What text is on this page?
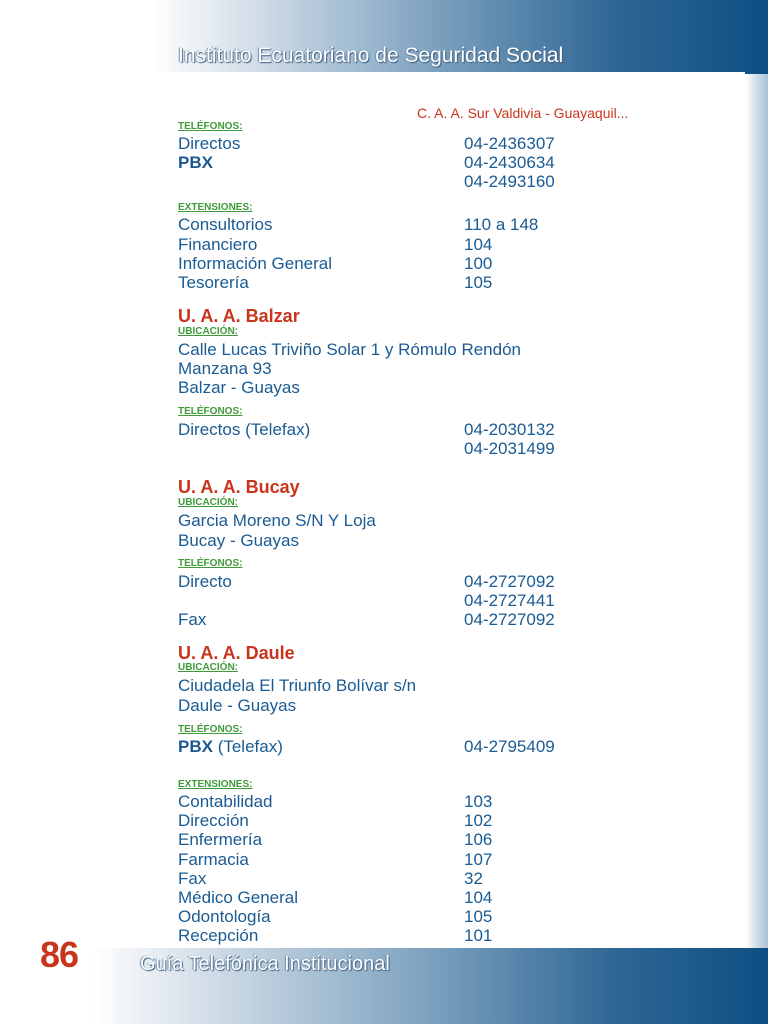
Instituto Ecuatoriano de Seguridad Social
C. A. A. Sur Valdivia - Guayaquil...
TELÉFONOS:
Directos	04-2436307
PBX	04-2430634
04-2493160
EXTENSIONES:
Consultorios	110 a 148
Financiero	104
Información General	100
Tesorería	105
U. A. A. Balzar
UBICACIÓN:
Calle Lucas Triviño Solar 1 y Rómulo Rendón
Manzana 93
Balzar - Guayas
TELÉFONOS:
Directos (Telefax)	04-2030132
04-2031499
U. A. A. Bucay
UBICACIÓN:
Garcia Moreno S/N Y Loja
Bucay - Guayas
TELÉFONOS:
Directo	04-2727092
04-2727441
Fax	04-2727092
U. A. A. Daule
UBICACIÓN:
Ciudadela El Triunfo Bolívar s/n
Daule - Guayas
TELÉFONOS:
PBX (Telefax)	04-2795409
EXTENSIONES:
Contabilidad	103
Dirección	102
Enfermería	106
Farmacia	107
Fax	32
Médico General	104
Odontología	105
Recepción	101
Guía Telefónica Institucional
86
